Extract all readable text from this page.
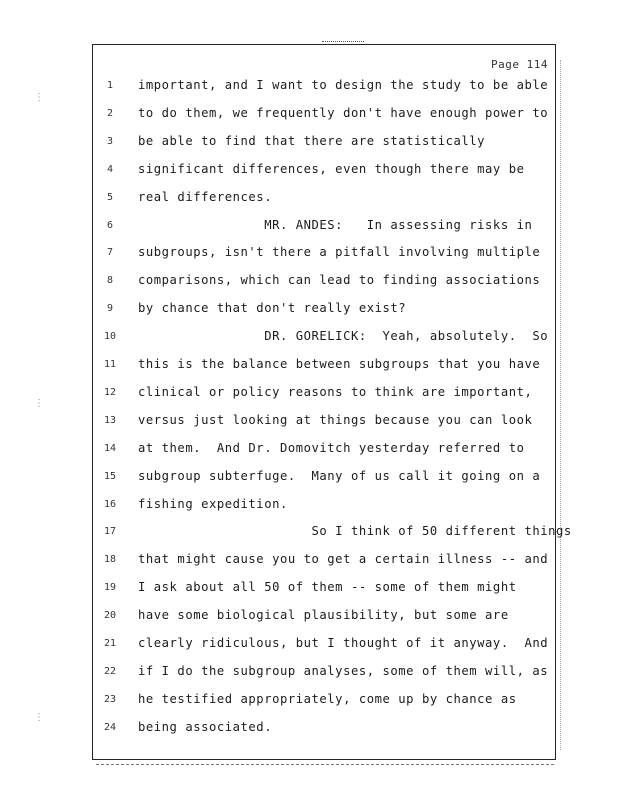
⋮
⋮
⋮
Page 114
1	important, and I want to design the study to be able
2	to do them, we frequently don't have enough power to
3	be able to find that there are statistically
4	significant differences, even though there may be
5	real differences.
6	MR. ANDES:   In assessing risks in
7	subgroups, isn't there a pitfall involving multiple
8	comparisons, which can lead to finding associations
9	by chance that don't really exist?
10	DR. GORELICK:  Yeah, absolutely.  So
11	this is the balance between subgroups that you have
12	clinical or policy reasons to think are important,
13	versus just looking at things because you can look
14	at them.  And Dr. Domovitch yesterday referred to
15	subgroup subterfuge.  Many of us call it going on a
16	fishing expedition.
17	So I think of 50 different things
18	that might cause you to get a certain illness -- and
19	I ask about all 50 of them -- some of them might
20	have some biological plausibility, but some are
21	clearly ridiculous, but I thought of it anyway.  And
22	if I do the subgroup analyses, some of them will, as
23	he testified appropriately, come up by chance as
24	being associated.
